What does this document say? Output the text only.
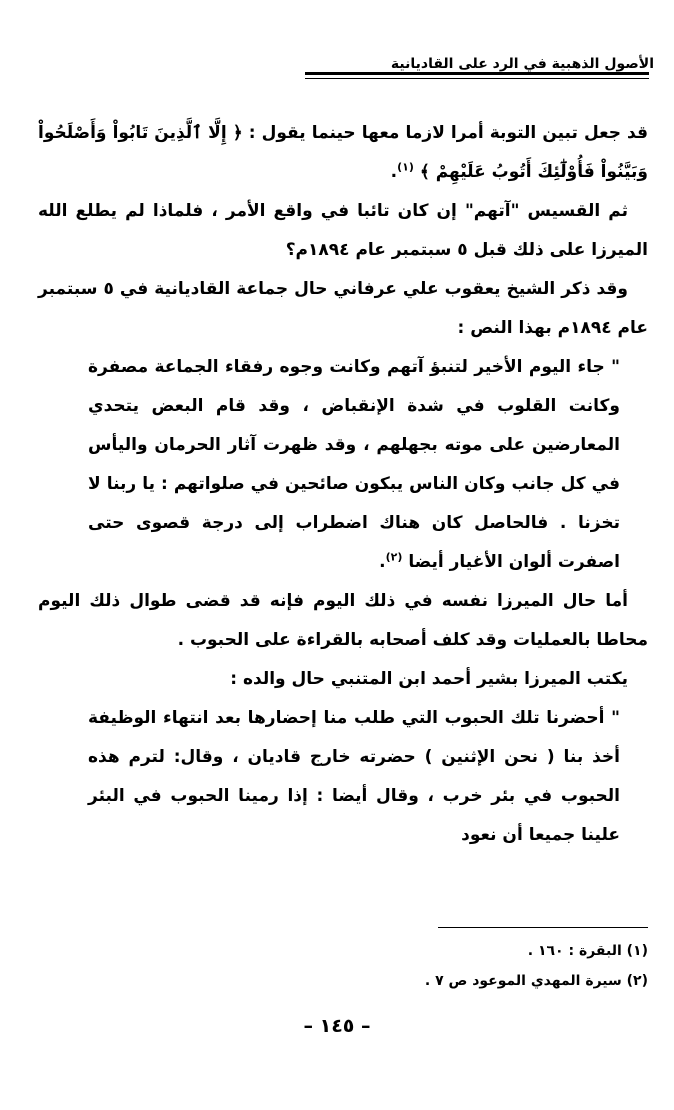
الأصول الذهبية في الرد على القاديانية

قد جعل تبين التوبة أمرا لازما معها حينما يقول : ﴿ إِلَّا ٱلَّذِينَ تَابُواْ وَأَصْلَحُواْ وَبَيَّنُواْ فَأُوْلَٰٓئِكَ أَتُوبُ عَلَيْهِمْ ﴾ $^{(١)}$.

ثم القسيس "آتهم" إن كان تائبا في واقع الأمر ، فلماذا لم يطلع الله الميرزا على ذلك قبل ٥ سبتمبر عام ١٨٩٤م؟

وقد ذكر الشيخ يعقوب علي عرفاني حال جماعة القاديانية في ٥ سبتمبر عام ١٨٩٤م بهذا النص :

" جاء اليوم الأخير لتنبؤ آتهم وكانت وجوه رفقاء الجماعة مصفرة وكانت القلوب في شدة الإنقباض ، وقد قام البعض يتحدي المعارضين على موته بجهلهم ، وقد ظهرت آثار الحرمان واليأس في كل جانب وكان الناس يبكون صائحين في صلواتهم : يا ربنا لا تخزنا . فالحاصل كان هناك اضطراب إلى درجة قصوى حتى اصفرت ألوان الأغيار أيضا $^{(٢)}$.

أما حال الميرزا نفسه في ذلك اليوم فإنه قد قضى طوال ذلك اليوم محاطا بالعمليات وقد كلف أصحابه بالقراءة على الحبوب .

يكتب الميرزا بشير أحمد ابن المتنبي حال والده :

" أحضرنا تلك الحبوب التي طلب منا إحضارها بعد انتهاء الوظيفة أخذ بنا ( نحن الإثنين ) حضرته خارج قاديان ، وقال: لترم هذه الحبوب في بئر خرب ، وقال أيضا : إذا رمينا الحبوب في البئر علينا جميعا أن نعود

(١) البقرة : ١٦٠ .

(٢) سيرة المهدي الموعود ص ٧ .

– ١٤٥ –
